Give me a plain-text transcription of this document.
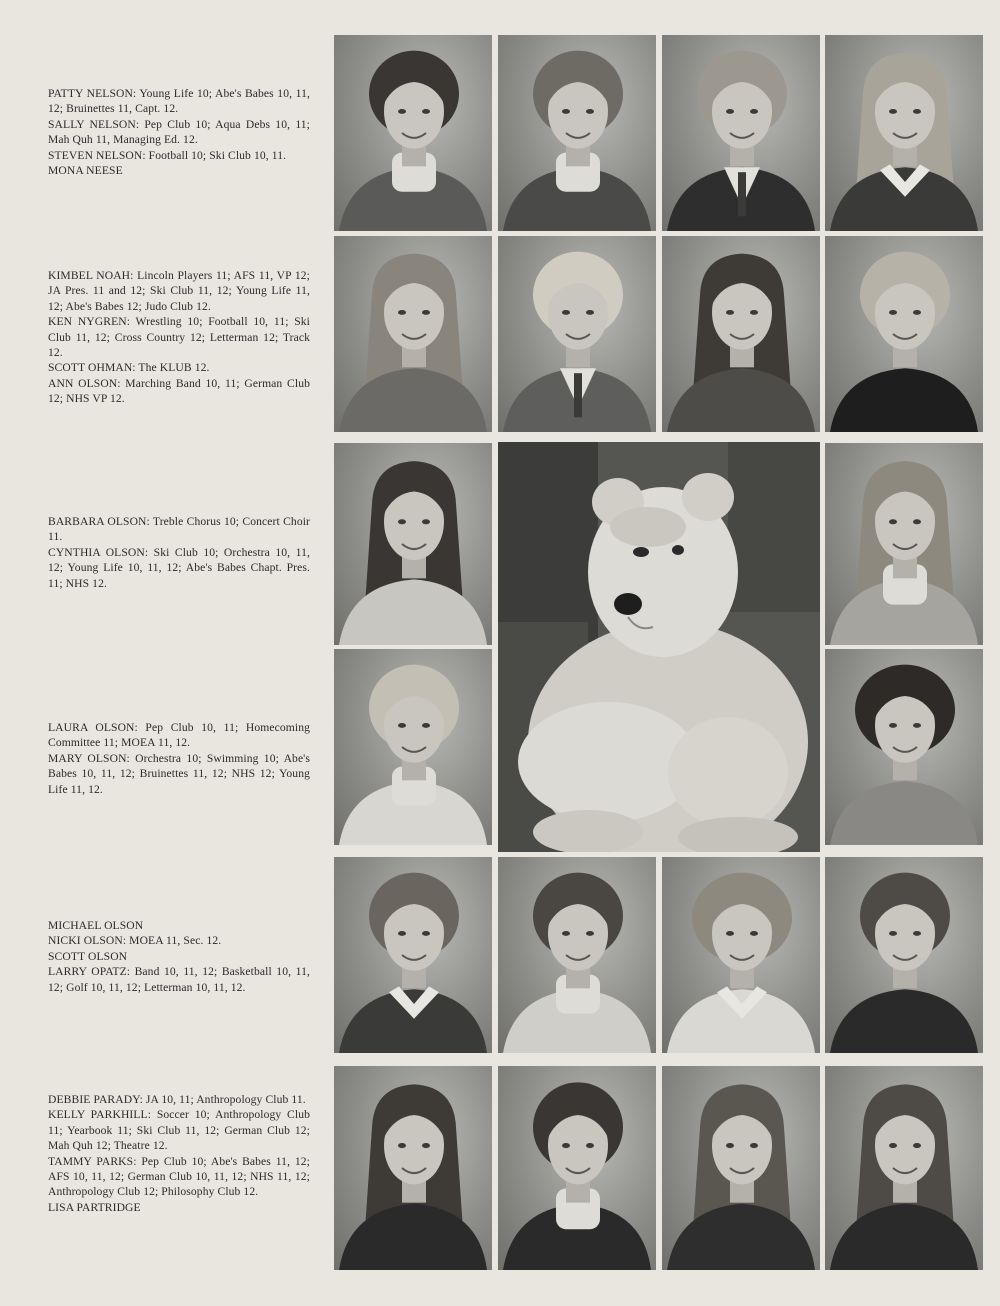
PATTY NELSON: Young Life 10; Abe's Babes 10, 11, 12; Bruinettes 11, Capt. 12.

SALLY NELSON: Pep Club 10; Aqua Debs 10, 11; Mah Quh 11, Managing Ed. 12.

STEVEN NELSON: Football 10; Ski Club 10, 11.

MONA NEESE

KIMBEL NOAH: Lincoln Players 11; AFS 11, VP 12; JA Pres. 11 and 12; Ski Club 11, 12; Young Life 11, 12; Abe's Babes 12; Judo Club 12.

KEN NYGREN: Wrestling 10; Football 10, 11; Ski Club 11, 12; Cross Country 12; Letterman 12; Track 12.

SCOTT OHMAN: The KLUB 12.

ANN OLSON: Marching Band 10, 11; German Club 12; NHS VP 12.

BARBARA OLSON: Treble Chorus 10; Concert Choir 11.

CYNTHIA OLSON: Ski Club 10; Orchestra 10, 11, 12; Young Life 10, 11, 12; Abe's Babes Chapt. Pres. 11; NHS 12.

LAURA OLSON: Pep Club 10, 11; Homecoming Committee 11; MOEA 11, 12.

MARY OLSON: Orchestra 10; Swimming 10; Abe's Babes 10, 11, 12; Bruinettes 11, 12; NHS 12; Young Life 11, 12.

MICHAEL OLSON

NICKI OLSON: MOEA 11, Sec. 12.

SCOTT OLSON

LARRY OPATZ: Band 10, 11, 12; Basketball 10, 11, 12; Golf 10, 11, 12; Letterman 10, 11, 12.

DEBBIE PARADY: JA 10, 11; Anthropology Club 11.

KELLY PARKHILL: Soccer 10; Anthropology Club 11; Yearbook 11; Ski Club 11, 12; German Club 12; Mah Quh 12; Theatre 12.

TAMMY PARKS: Pep Club 10; Abe's Babes 11, 12; AFS 10, 11, 12; German Club 10, 11, 12; NHS 11, 12; Anthropology Club 12; Philosophy Club 12.

LISA PARTRIDGE
